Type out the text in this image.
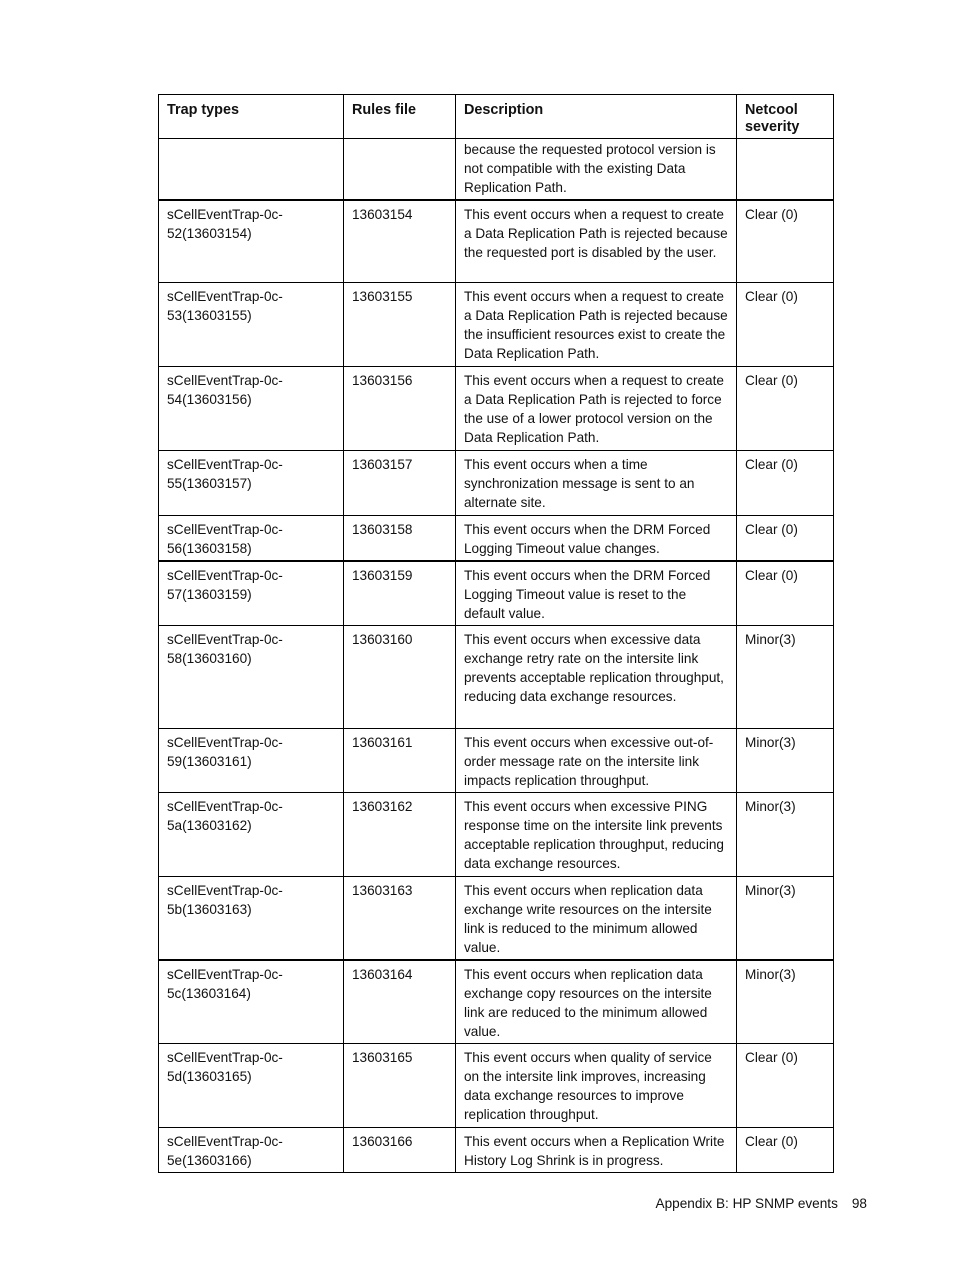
Trap types	Rules file	Description	Netcool severity
		because the requested protocol version is not compatible with the existing Data Replication Path.	
sCellEventTrap-0c-52(13603154)	13603154	This event occurs when a request to create a Data Replication Path is rejected because the requested port is disabled by the user.	Clear (0)
sCellEventTrap-0c-53(13603155)	13603155	This event occurs when a request to create a Data Replication Path is rejected because the insufficient resources exist to create the Data Replication Path.	Clear (0)
sCellEventTrap-0c-54(13603156)	13603156	This event occurs when a request to create a Data Replication Path is rejected to force the use of a lower protocol version on the Data Replication Path.	Clear (0)
sCellEventTrap-0c-55(13603157)	13603157	This event occurs when a time synchronization message is sent to an alternate site.	Clear (0)
sCellEventTrap-0c-56(13603158)	13603158	This event occurs when the DRM Forced Logging Timeout value changes.	Clear (0)
sCellEventTrap-0c-57(13603159)	13603159	This event occurs when the DRM Forced Logging Timeout value is reset to the default value.	Clear (0)
sCellEventTrap-0c-58(13603160)	13603160	This event occurs when excessive data exchange retry rate on the intersite link prevents acceptable replication throughput, reducing data exchange resources.	Minor(3)
sCellEventTrap-0c-59(13603161)	13603161	This event occurs when excessive out-of-order message rate on the intersite link impacts replication throughput.	Minor(3)
sCellEventTrap-0c-5a(13603162)	13603162	This event occurs when excessive PING response time on the intersite link prevents acceptable replication throughput, reducing data exchange resources.	Minor(3)
sCellEventTrap-0c-5b(13603163)	13603163	This event occurs when replication data exchange write resources on the intersite link is reduced to the minimum allowed value.	Minor(3)
sCellEventTrap-0c-5c(13603164)	13603164	This event occurs when replication data exchange copy resources on the intersite link are reduced to the minimum allowed value.	Minor(3)
sCellEventTrap-0c-5d(13603165)	13603165	This event occurs when quality of service on the intersite link improves, increasing data exchange resources to improve replication throughput.	Clear (0)
sCellEventTrap-0c-5e(13603166)	13603166	This event occurs when a Replication Write History Log Shrink is in progress.	Clear (0)
Appendix B: HP SNMP events 98
